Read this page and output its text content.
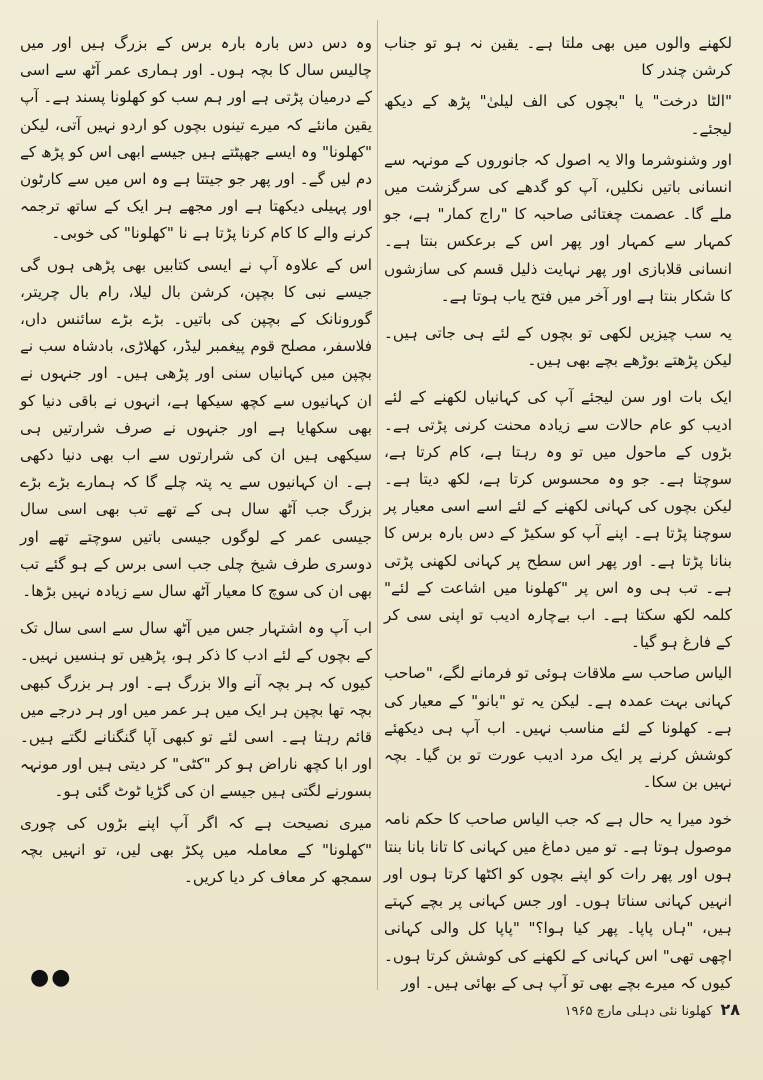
لکھنے والوں میں بھی ملتا ہے۔ یقین نہ ہو تو جناب کرشن چندر کا

"الٹا درخت" یا "بچوں کی الف لیلیٰ" پڑھ کے دیکھ لیجئے۔

اور وشنوشرما والا یہ اصول کہ جانوروں کے مونہہ سے انسانی باتیں نکلیں، آپ کو گدھے کی سرگزشت میں ملے گا۔ عصمت چغتائی صاحبہ کا "راج کمار" ہے، جو کمہار سے کمہار اور پھر اس کے برعکس بنتا ہے۔ انسانی قلابازی اور پھر نہایت ذلیل قسم کی سازشوں کا شکار بنتا ہے اور آخر میں فتح یاب ہوتا ہے۔

یہ سب چیزیں لکھی تو بچوں کے لئے ہی جاتی ہیں۔ لیکن پڑھتے بوڑھے بچے بھی ہیں۔

ایک بات اور سن لیجئے آپ کی کہانیاں لکھنے کے لئے ادیب کو عام حالات سے زیادہ محنت کرنی پڑتی ہے۔ بڑوں کے ماحول میں تو وہ رہتا ہے، کام کرتا ہے، سوچتا ہے۔ جو وہ محسوس کرتا ہے، لکھ دیتا ہے۔ لیکن بچوں کی کہانی لکھنے کے لئے اسے اسی معیار پر سوچنا پڑتا ہے۔ اپنے آپ کو سکیڑ کے دس بارہ برس کا بنانا پڑتا ہے۔ اور پھر اس سطح پر کہانی لکھنی پڑتی ہے۔ تب ہی وہ اس پر "کھلونا میں اشاعت کے لئے" کلمہ لکھ سکتا ہے۔ اب بےچارہ ادیب تو اپنی سی کر کے فارغ ہو گیا۔

الیاس صاحب سے ملاقات ہوئی تو فرمانے لگے، "صاحب کہانی بہت عمدہ ہے۔ لیکن یہ تو "بانو" کے معیار کی ہے۔ کھلونا کے لئے مناسب نہیں۔ اب آپ ہی دیکھئے کوشش کرنے پر ایک مرد ادیب عورت تو بن گیا۔ بچہ نہیں بن سکا۔

خود میرا یہ حال ہے کہ جب الیاس صاحب کا حکم نامہ موصول ہوتا ہے۔ تو میں دماغ میں کہانی کا تانا بانا بنتا ہوں اور پھر رات کو اپنے بچوں کو اکٹھا کرتا ہوں اور انہیں کہانی سناتا ہوں۔ اور جس کہانی پر بچے کہتے ہیں، "ہاں پاپا۔ پھر کیا ہوا؟" "پاپا کل والی کہانی اچھی تھی" اس کہانی کے لکھنے کی کوشش کرتا ہوں۔ کیوں کہ میرے بچے بھی تو آپ ہی کے بھائی ہیں۔ اور

وہ دس دس بارہ بارہ برس کے بزرگ ہیں اور میں چالیس سال کا بچہ ہوں۔ اور ہماری عمر آٹھ سے اسی کے درمیان پڑتی ہے اور ہم سب کو کھلونا پسند ہے۔ آپ یقین مانئے کہ میرے تینوں بچوں کو اردو نہیں آتی، لیکن "کھلونا" وہ ایسے جھپٹتے ہیں جیسے ابھی اس کو پڑھ کے دم لیں گے۔ اور پھر جو جیتتا ہے وہ اس میں سے کارٹون اور پہیلی دیکھتا ہے اور مجھے ہر ایک کے ساتھ ترجمہ کرنے والے کا کام کرنا پڑتا ہے نا "کھلونا" کی خوبی۔

اس کے علاوہ آپ نے ایسی کتابیں بھی پڑھی ہوں گی جیسے نبی کا بچپن، کرشن بال لیلا، رام بال چریتر، گورونانک کے بچپن کی باتیں۔ بڑے بڑے سائنس داں، فلاسفر، مصلح قوم پیغمبر لیڈر، کھلاڑی، بادشاہ سب نے بچپن میں کہانیاں سنی اور پڑھی ہیں۔ اور جنہوں نے ان کہانیوں سے کچھ سیکھا ہے، انہوں نے باقی دنیا کو بھی سکھایا ہے اور جنہوں نے صرف شرارتیں ہی سیکھی ہیں ان کی شرارتوں سے اب بھی دنیا دکھی ہے۔ ان کہانیوں سے یہ پتہ چلے گا کہ ہمارے بڑے بڑے بزرگ جب آٹھ سال ہی کے تھے تب بھی اسی سال جیسی عمر کے لوگوں جیسی باتیں سوچتے تھے اور دوسری طرف شیخ چلی جب اسی برس کے ہو گئے تب بھی ان کی سوچ کا معیار آٹھ سال سے زیادہ نہیں بڑھا۔

اب آپ وہ اشتہار جس میں آٹھ سال سے اسی سال تک کے بچوں کے لئے ادب کا ذکر ہو، پڑھیں تو ہنسیں نہیں۔ کیوں کہ ہر بچہ آنے والا بزرگ ہے۔ اور ہر بزرگ کبھی بچہ تھا بچپن ہر ایک میں ہر عمر میں اور ہر درجے میں قائم رہتا ہے۔ اسی لئے تو کبھی آپا گنگنانے لگتے ہیں۔ اور ابا کچھ ناراض ہو کر "کٹی" کر دیتی ہیں اور مونہہ بسورنے لگتی ہیں جیسے ان کی گڑیا ٹوٹ گئی ہو۔

میری نصیحت ہے کہ اگر آپ اپنے بڑوں کی چوری "کھلونا" کے معاملہ میں پکڑ بھی لیں، تو انہیں بچہ سمجھ کر معاف کر دیا کریں۔

●●
۲۸ کھلونا نئی دہلی مارچ ۱۹۶۵
